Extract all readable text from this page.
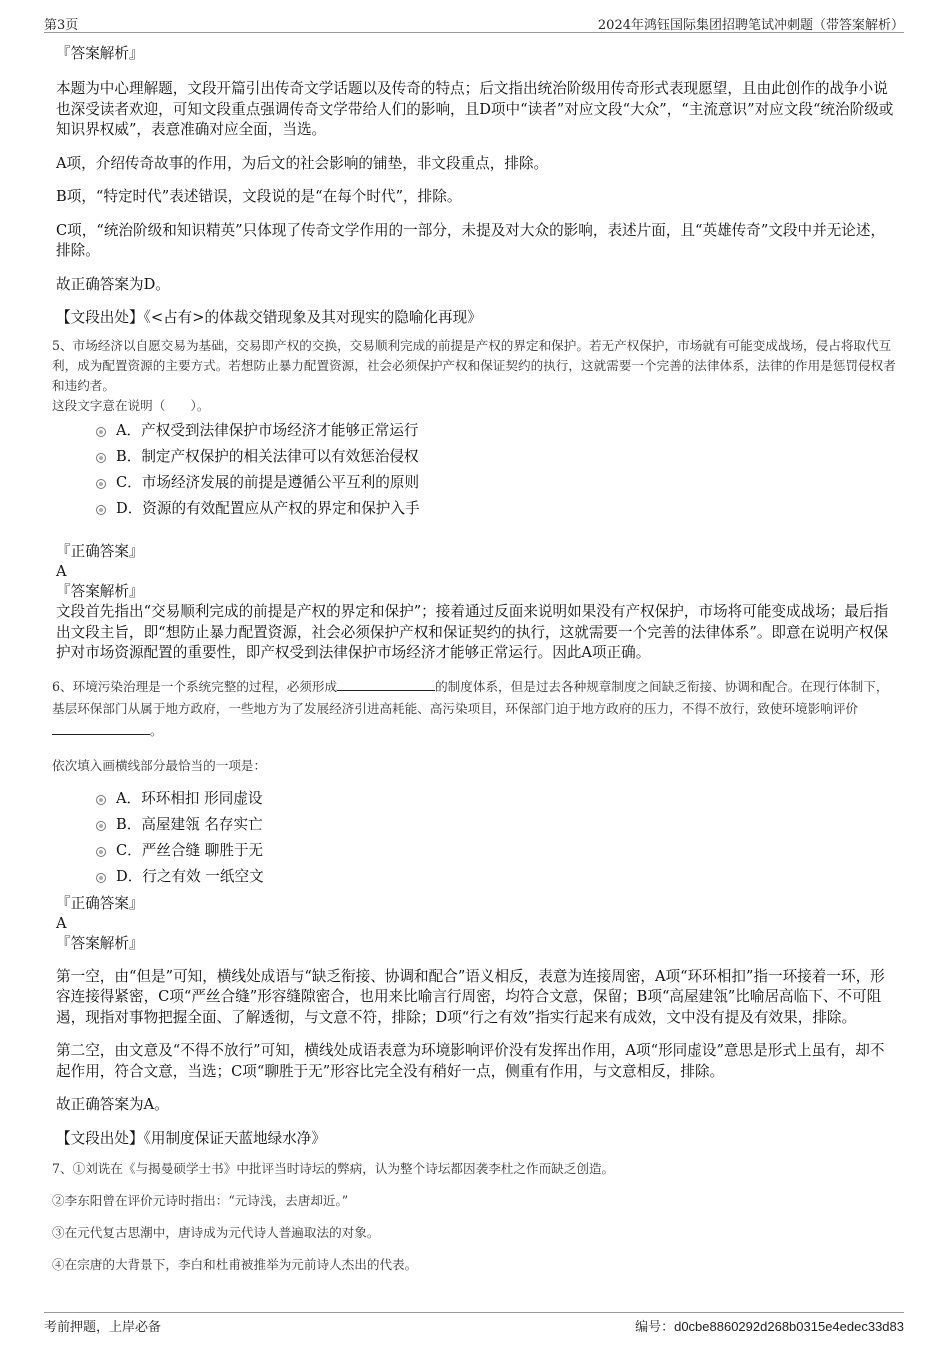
第3页	2024年鸿钰国际集团招聘笔试冲刺题（带答案解析）

『答案解析』

本题为中心理解题，文段开篇引出传奇文学话题以及传奇的特点；后文指出统治阶级用传奇形式表现愿望，且由此创作的战争小说也深受读者欢迎，可知文段重点强调传奇文学带给人们的影响，且D项中“读者”对应文段“大众”，“主流意识”对应文段“统治阶级或知识界权威”，表意准确对应全面，当选。

A项，介绍传奇故事的作用，为后文的社会影响的铺垫，非文段重点，排除。

B项，“特定时代”表述错误，文段说的是“在每个时代”，排除。

C项，“统治阶级和知识精英”只体现了传奇文学作用的一部分，未提及对大众的影响，表述片面，且“英雄传奇”文段中并无论述，排除。

故正确答案为D。

【文段出处】《<占有>的体裁交错现象及其对现实的隐喻化再现》

5、市场经济以自愿交易为基础，交易即产权的交换，交易顺利完成的前提是产权的界定和保护。若无产权保护，市场就有可能变成战场，侵占将取代互利，成为配置资源的主要方式。若想防止暴力配置资源，社会必须保护产权和保证契约的执行，这就需要一个完善的法律体系，法律的作用是惩罚侵权者和违约者。

这段文字意在说明（　　）。

A．产权受到法律保护市场经济才能够正常运行
B．制定产权保护的相关法律可以有效惩治侵权
C．市场经济发展的前提是遵循公平互利的原则
D．资源的有效配置应从产权的界定和保护入手

『正确答案』

A

『答案解析』

文段首先指出“交易顺利完成的前提是产权的界定和保护”；接着通过反面来说明如果没有产权保护，市场将可能变成战场；最后指出文段主旨，即“想防止暴力配置资源，社会必须保护产权和保证契约的执行，这就需要一个完善的法律体系”。即意在说明产权保护对市场资源配置的重要性，即产权受到法律保护市场经济才能够正常运行。因此A项正确。

6、环境污染治理是一个系统完整的过程，必须形成	的制度体系，但是过去各种规章制度之间缺乏衔接、协调和配合。在现行体制下，基层环保部门从属于地方政府，一些地方为了发展经济引进高耗能、高污染项目，环保部门迫于地方政府的压力，不得不放行，致使环境影响评价。

依次填入画横线部分最恰当的一项是：

A．环环相扣 形同虚设
B．高屋建瓴 名存实亡
C．严丝合缝 聊胜于无
D．行之有效 一纸空文

『正确答案』

A

『答案解析』

第一空，由“但是”可知，横线处成语与“缺乏衔接、协调和配合”语义相反，表意为连接周密，A项“环环相扣”指一环接着一环，形容连接得紧密，C项“严丝合缝”形容缝隙密合，也用来比喻言行周密，均符合文意，保留；B项“高屋建瓴”比喻居高临下、不可阻遏，现指对事物把握全面、了解透彻，与文意不符，排除；D项“行之有效”指实行起来有成效，文中没有提及有效果，排除。

第二空，由文意及“不得不放行”可知，横线处成语表意为环境影响评价没有发挥出作用，A项“形同虚设”意思是形式上虽有，却不起作用，符合文意，当选；C项“聊胜于无”形容比完全没有稍好一点，侧重有作用，与文意相反，排除。

故正确答案为A。

【文段出处】《用制度保证天蓝地绿水净》

7、①刘诜在《与揭曼硕学士书》中批评当时诗坛的弊病，认为整个诗坛都因袭李杜之作而缺乏创造。

②李东阳曾在评价元诗时指出：“元诗浅，去唐却近。”

③在元代复古思潮中，唐诗成为元代诗人普遍取法的对象。

④在宗唐的大背景下，李白和杜甫被推举为元前诗人杰出的代表。

考前押题，上岸必备	编号：d0cbe8860292d268b0315e4edec33d83
